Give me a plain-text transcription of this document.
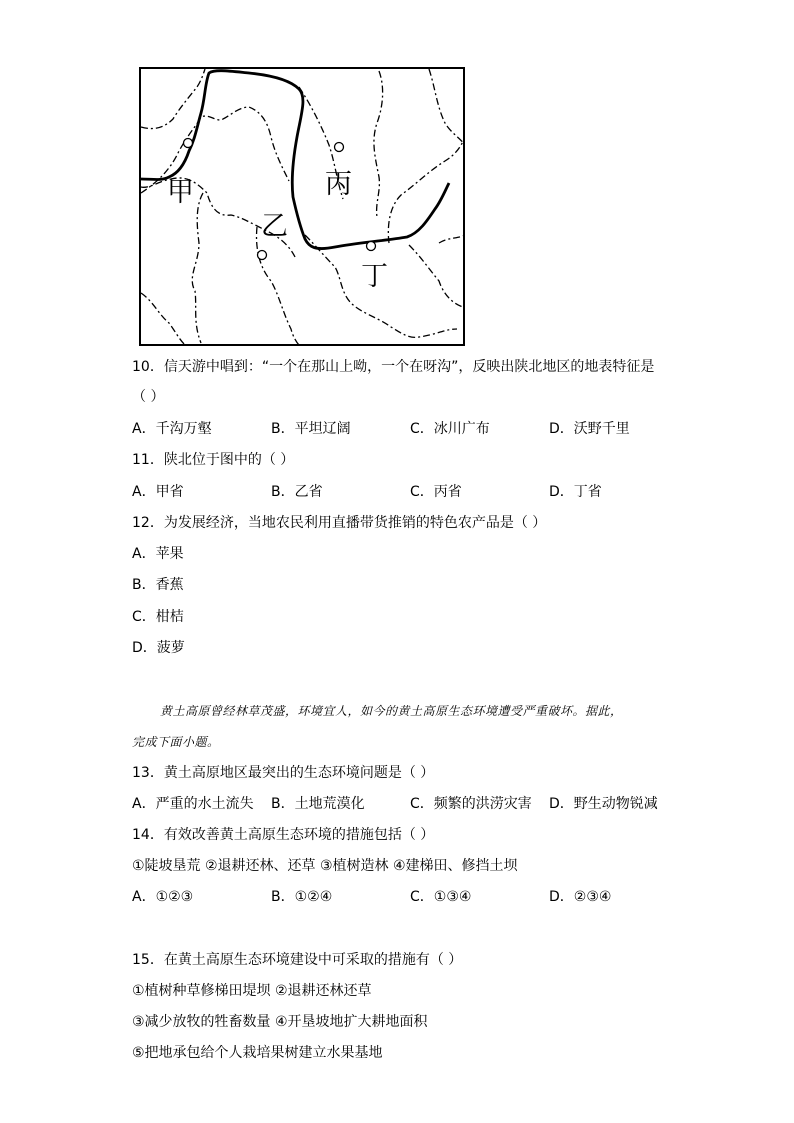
甲
乙
丙
丁
10．信天游中唱到：“一个在那山上呦，一个在呀沟”，反映出陕北地区的地表特征是
（ ）
A．千沟万壑	B．平坦辽阔	C．冰川广布	D．沃野千里
11．陕北位于图中的（ ）
A．甲省	B．乙省	C．丙省	D．丁省
12．为发展经济，当地农民利用直播带货推销的特色农产品是（ ）
A．苹果
B．香蕉
C．柑桔
D．菠萝
黄土高原曾经林草茂盛，环境宜人，如今的黄土高原生态环境遭受严重破坏。据此，
完成下面小题。
13．黄土高原地区最突出的生态环境问题是（ ）
A．严重的水土流失 B．土地荒漠化	C．频繁的洪涝灾害 D．野生动物锐减
14．有效改善黄土高原生态环境的措施包括（ ）
①陡坡垦荒 ②退耕还林、还草 ③植树造林 ④建梯田、修挡土坝
A．①②③	B．①②④	C．①③④	D．②③④
15．在黄土高原生态环境建设中可采取的措施有（ ）
①植树种草修梯田堤坝 ②退耕还林还草
③减少放牧的牲畜数量 ④开垦坡地扩大耕地面积
⑤把地承包给个人栽培果树建立水果基地
